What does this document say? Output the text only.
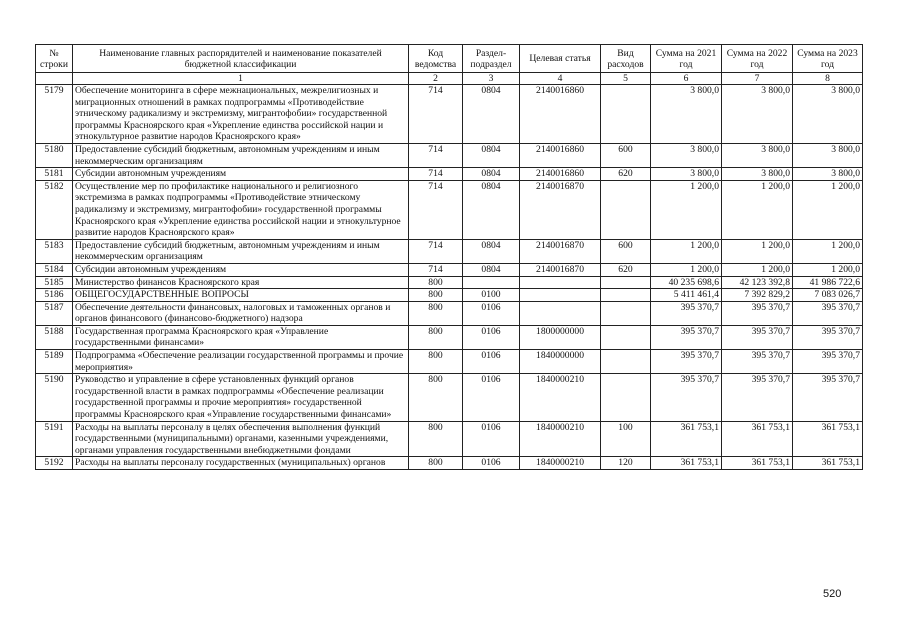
№ строки	Наименование главных распорядителей и наименование показателей бюджетной классификации	Код ведомства	Раздел-подраздел	Целевая статья	Вид расходов	Сумма на 2021 год	Сумма на 2022 год	Сумма на 2023 год
	1	2	3	4	5	6	7	8
5179	Обеспечение мониторинга в сфере межнациональных, межрелигиозных и миграционных отношений в рамках подпрограммы «Противодействие этническому радикализму и экстремизму, мигрантофобии» государственной программы Красноярского края «Укрепление единства российской нации и этнокультурное развитие народов Красноярского края»	714	0804	2140016860		3 800,0	3 800,0	3 800,0
5180	Предоставление субсидий бюджетным, автономным учреждениям и иным некоммерческим организациям	714	0804	2140016860	600	3 800,0	3 800,0	3 800,0
5181	Субсидии автономным учреждениям	714	0804	2140016860	620	3 800,0	3 800,0	3 800,0
5182	Осуществление мер по профилактике национального и религиозного экстремизма в рамках подпрограммы «Противодействие этническому радикализму и экстремизму, мигрантофобии» государственной программы Красноярского края «Укрепление единства российской нации и этнокультурное развитие народов Красноярского края»	714	0804	2140016870		1 200,0	1 200,0	1 200,0
5183	Предоставление субсидий бюджетным, автономным учреждениям и иным некоммерческим организациям	714	0804	2140016870	600	1 200,0	1 200,0	1 200,0
5184	Субсидии автономным учреждениям	714	0804	2140016870	620	1 200,0	1 200,0	1 200,0
5185	Министерство финансов Красноярского края	800				40 235 698,6	42 123 392,8	41 986 722,6
5186	ОБЩЕГОСУДАРСТВЕННЫЕ ВОПРОСЫ	800	0100			5 411 461,4	7 392 829,2	7 083 026,7
5187	Обеспечение деятельности финансовых, налоговых и таможенных органов и органов финансового (финансово-бюджетного) надзора	800	0106			395 370,7	395 370,7	395 370,7
5188	Государственная программа Красноярского края «Управление государственными финансами»	800	0106	1800000000		395 370,7	395 370,7	395 370,7
5189	Подпрограмма «Обеспечение реализации государственной программы и прочие мероприятия»	800	0106	1840000000		395 370,7	395 370,7	395 370,7
5190	Руководство и управление в сфере установленных функций органов государственной власти в рамках подпрограммы «Обеспечение реализации государственной программы и прочие мероприятия» государственной программы Красноярского края «Управление государственными финансами»	800	0106	1840000210		395 370,7	395 370,7	395 370,7
5191	Расходы на выплаты персоналу в целях обеспечения выполнения функций государственными (муниципальными) органами, казенными учреждениями, органами управления государственными внебюджетными фондами	800	0106	1840000210	100	361 753,1	361 753,1	361 753,1
5192	Расходы на выплаты персоналу государственных (муниципальных) органов	800	0106	1840000210	120	361 753,1	361 753,1	361 753,1
520
